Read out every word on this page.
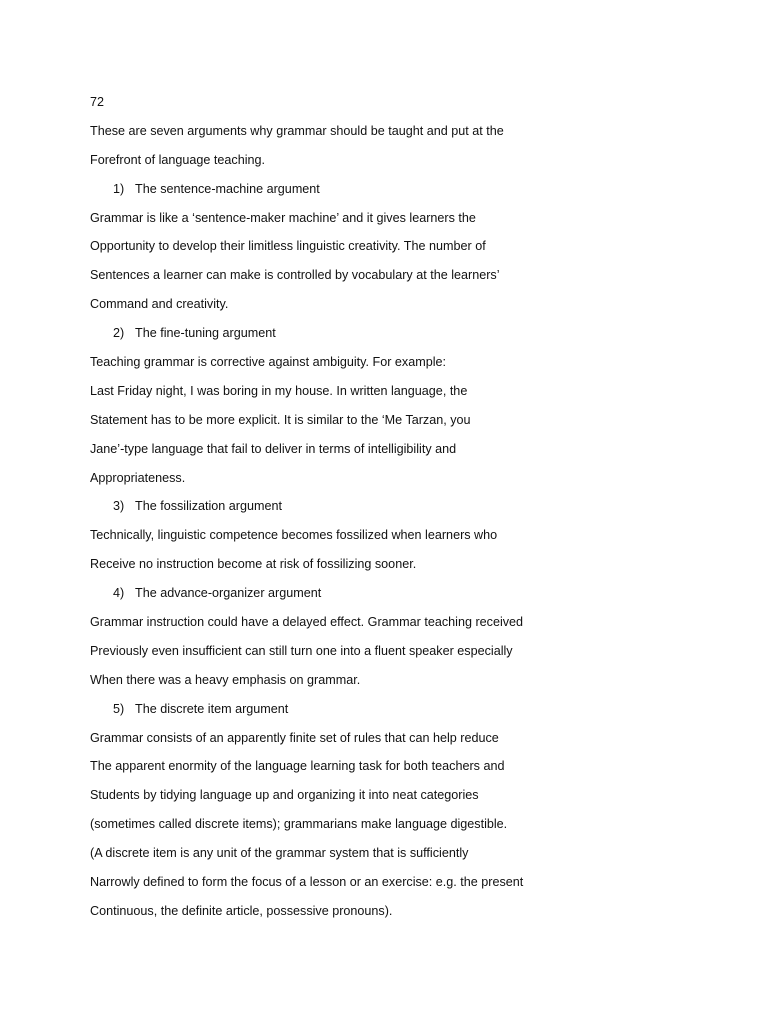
72
These are seven arguments why grammar should be taught and put at the
Forefront of language teaching.
1) The sentence-machine argument
Grammar is like a ‘sentence-maker machine’ and it gives learners the
Opportunity to develop their limitless linguistic creativity. The number of
Sentences a learner can make is controlled by vocabulary at the learners’
Command and creativity.
2) The fine-tuning argument
Teaching grammar is corrective against ambiguity. For example:
Last Friday night, I was boring in my house. In written language, the
Statement has to be more explicit. It is similar to the ‘Me Tarzan, you
Jane’-type language that fail to deliver in terms of intelligibility and
Appropriateness.
3) The fossilization argument
Technically, linguistic competence becomes fossilized when learners who
Receive no instruction become at risk of fossilizing sooner.
4) The advance-organizer argument
Grammar instruction could have a delayed effect. Grammar teaching received
Previously even insufficient can still turn one into a fluent speaker especially
When there was a heavy emphasis on grammar.
5) The discrete item argument
Grammar consists of an apparently finite set of rules that can help reduce
The apparent enormity of the language learning task for both teachers and
Students by tidying language up and organizing it into neat categories
(sometimes called discrete items); grammarians make language digestible.
(A discrete item is any unit of the grammar system that is sufficiently
Narrowly defined to form the focus of a lesson or an exercise: e.g. the present
Continuous, the definite article, possessive pronouns).
